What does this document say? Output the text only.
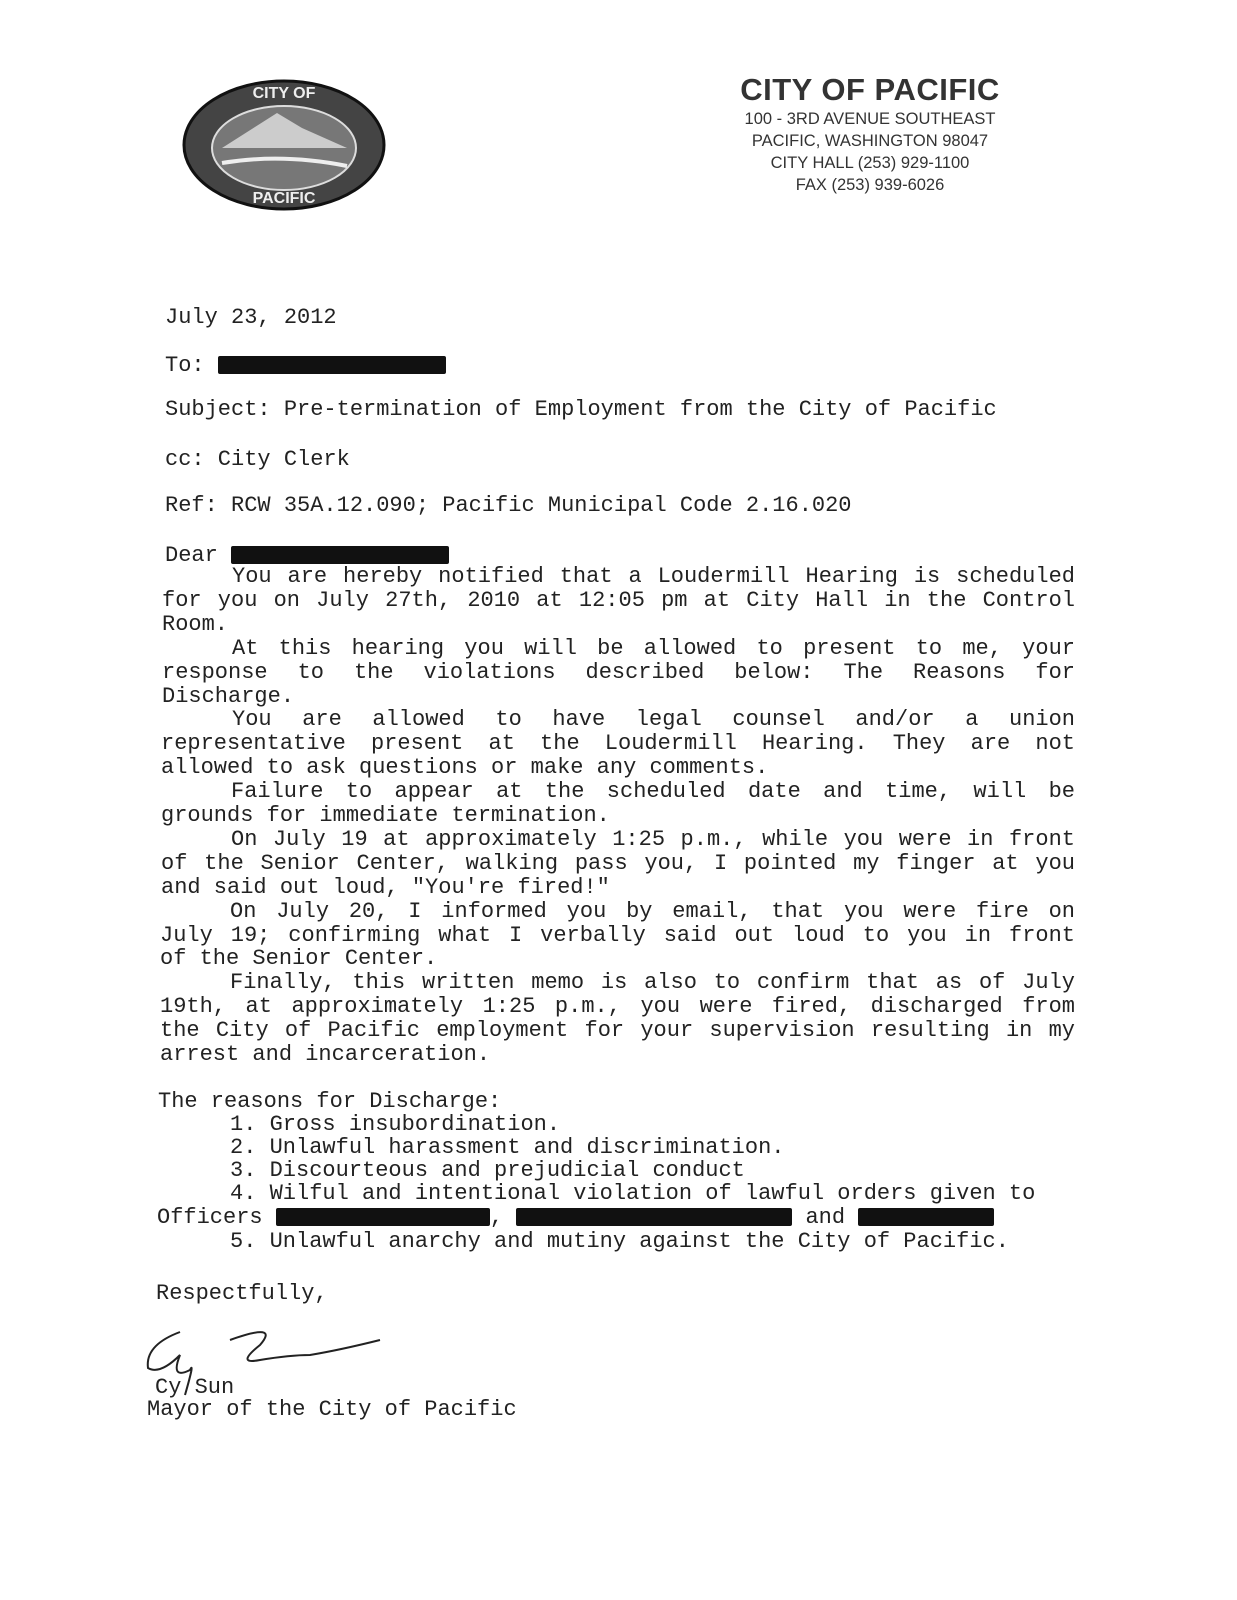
CITY OF
PACIFIC
CITY OF PACIFIC
100 - 3RD AVENUE SOUTHEAST
PACIFIC, WASHINGTON 98047
CITY HALL (253) 929-1100
FAX (253) 939-6026
July 23, 2012
To:
Subject: Pre-termination of Employment from the City of Pacific
cc: City Clerk
Ref: RCW 35A.12.090; Pacific Municipal Code 2.16.020
Dear
You are hereby notified that a Loudermill Hearing is scheduled
for you on July 27th, 2010 at 12:05 pm at City Hall in the Control
Room.
At this hearing you will be allowed to present to me, your
response to the violations described below: The Reasons for
Discharge.
You are allowed to have legal counsel and/or a union
representative present at the Loudermill Hearing. They are not
allowed to ask questions or make any comments.
Failure to appear at the scheduled date and time, will be
grounds for immediate termination.
On July 19 at approximately 1:25 p.m., while you were in front
of the Senior Center, walking pass you, I pointed my finger at you
and said out loud, "You're fired!"
On July 20, I informed you by email, that you were fire on
July 19; confirming what I verbally said out loud to you in front
of the Senior Center.
Finally, this written memo is also to confirm that as of July
19th, at approximately 1:25 p.m., you were fired, discharged from
the City of Pacific employment for your supervision resulting in my
arrest and incarceration.
The reasons for Discharge:
1. Gross insubordination.
2. Unlawful harassment and discrimination.
3. Discourteous and prejudicial conduct
4. Wilful and intentional violation of lawful orders given to
Officers	,	and
5. Unlawful anarchy and mutiny against the City of Pacific.
Respectfully,
Cy Sun
Mayor of the City of Pacific
